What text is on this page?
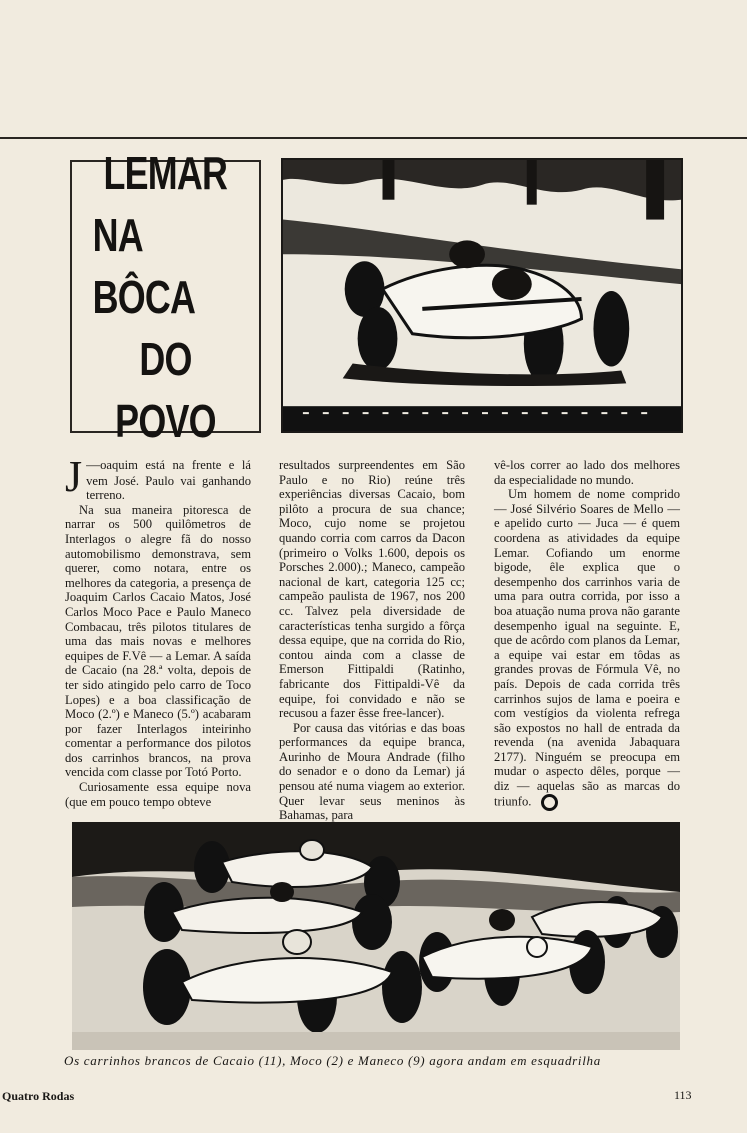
LEMAR
NA BÔCA
DO
POVO

—
J oaquim está na frente e lá vem José. Paulo vai ganhando terreno.

Na sua maneira pitoresca de narrar os 500 quilômetros de Interlagos o alegre fã do nosso automobilismo demonstrava, sem querer, como notara, entre os melhores da categoria, a presença de Joaquim Carlos Cacaio Matos, José Carlos Moco Pace e Paulo Maneco Combacau, três pilotos titulares de uma das mais novas e melhores equipes de F.Vê — a Lemar. A saída de Cacaio (na 28.ª volta, depois de ter sido atingido pelo carro de Toco Lopes) e a boa classificação de Moco (2.º) e Maneco (5.º) acabaram por fazer Interlagos inteirinho comentar a performance dos pilotos dos carrinhos brancos, na prova vencida com classe por Totó Porto.

Curiosamente essa equipe nova (que em pouco tempo obteve

resultados surpreendentes em São Paulo e no Rio) reúne três experiências diversas Cacaio, bom pilôto a procura de sua chance; Moco, cujo nome se projetou quando corria com carros da Dacon (primeiro o Volks 1.600, depois os Porsches 2.000).; Maneco, campeão nacional de kart, categoria 125 cc; campeão paulista de 1967, nos 200 cc. Talvez pela diversidade de características tenha surgido a fôrça dessa equipe, que na corrida do Rio, contou ainda com a classe de Emerson Fittipaldi (Ratinho, fabricante dos Fittipaldi-Vê da equipe, foi convidado e não se recusou a fazer êsse free-lancer).

Por causa das vitórias e das boas performances da equipe branca, Aurinho de Moura Andrade (filho do senador e o dono da Lemar) já pensou até numa viagem ao exterior. Quer levar seus meninos às Bahamas, para

vê-los correr ao lado dos melhores da especialidade no mundo.

Um homem de nome comprido — José Silvério Soares de Mello — e apelido curto — Juca — é quem coordena as atividades da equipe Lemar. Cofiando um enorme bigode, êle explica que o desempenho dos carrinhos varia de uma para outra corrida, por isso a boa atuação numa prova não garante desempenho igual na seguinte. E, que de acôrdo com planos da Lemar, a equipe vai estar em tôdas as grandes provas de Fórmula Vê, no país. Depois de cada corrida três carrinhos sujos de lama e poeira e com vestígios da violenta refrega são expostos no hall de entrada da revenda (na avenida Jabaquara 2177). Ninguém se preocupa em mudar o aspecto dêles, porque — diz — aquelas são as marcas do triunfo.

Os carrinhos brancos de Cacaio (11), Moco (2) e Maneco (9) agora andam em esquadrilha
Quatro Rodas	113
